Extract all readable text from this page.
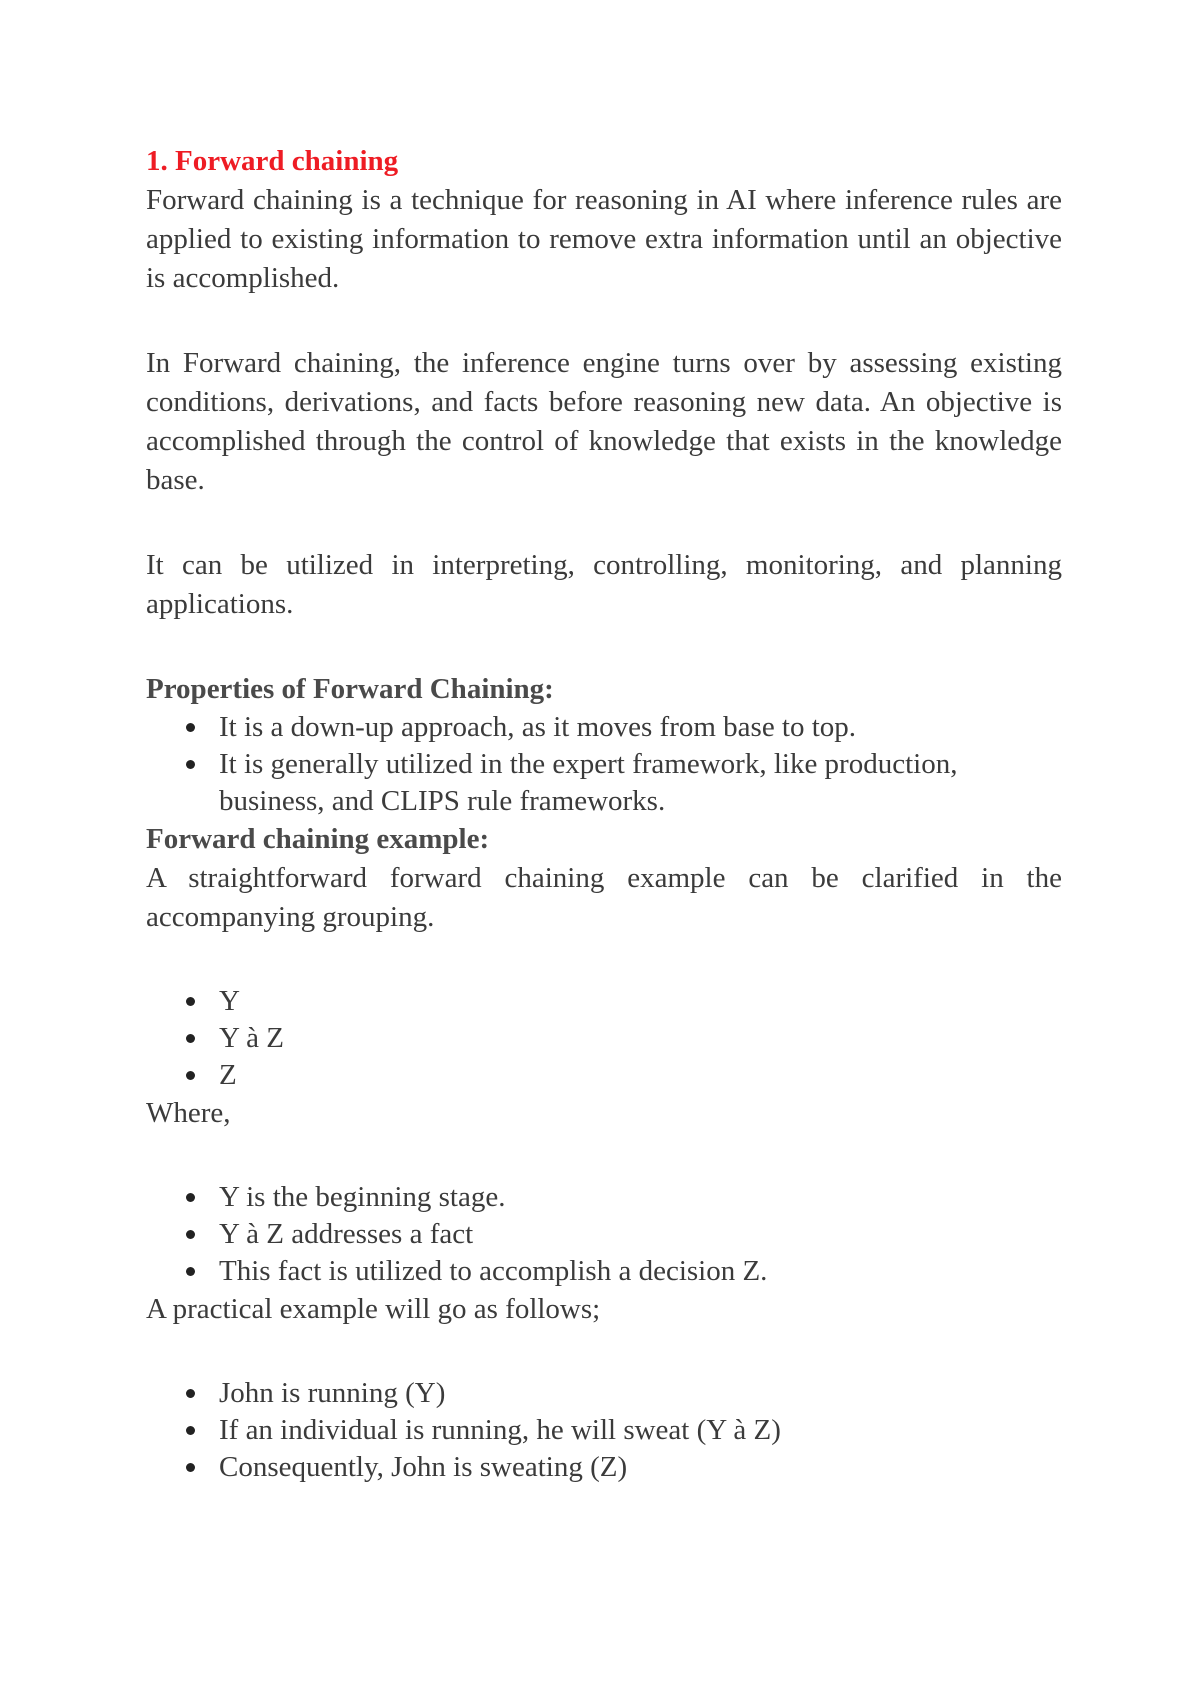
1. Forward chaining

Forward chaining is a technique for reasoning in AI where inference rules are applied to existing information to remove extra information until an objective is accomplished.

In Forward chaining, the inference engine turns over by assessing existing conditions, derivations, and facts before reasoning new data. An objective is accomplished through the control of knowledge that exists in the knowledge base.

It can be utilized in interpreting, controlling, monitoring, and planning applications.

Properties of Forward Chaining:

It is a down-up approach, as it moves from base to top.
It is generally utilized in the expert framework, like production, business, and CLIPS rule frameworks.

Forward chaining example:

A straightforward forward chaining example can be clarified in the accompanying grouping.

Y
Y à Z
Z

Where,

Y is the beginning stage.
Y à Z addresses a fact
This fact is utilized to accomplish a decision Z.

A practical example will go as follows;

John is running (Y)
If an individual is running, he will sweat (Y à Z)
Consequently, John is sweating (Z)
